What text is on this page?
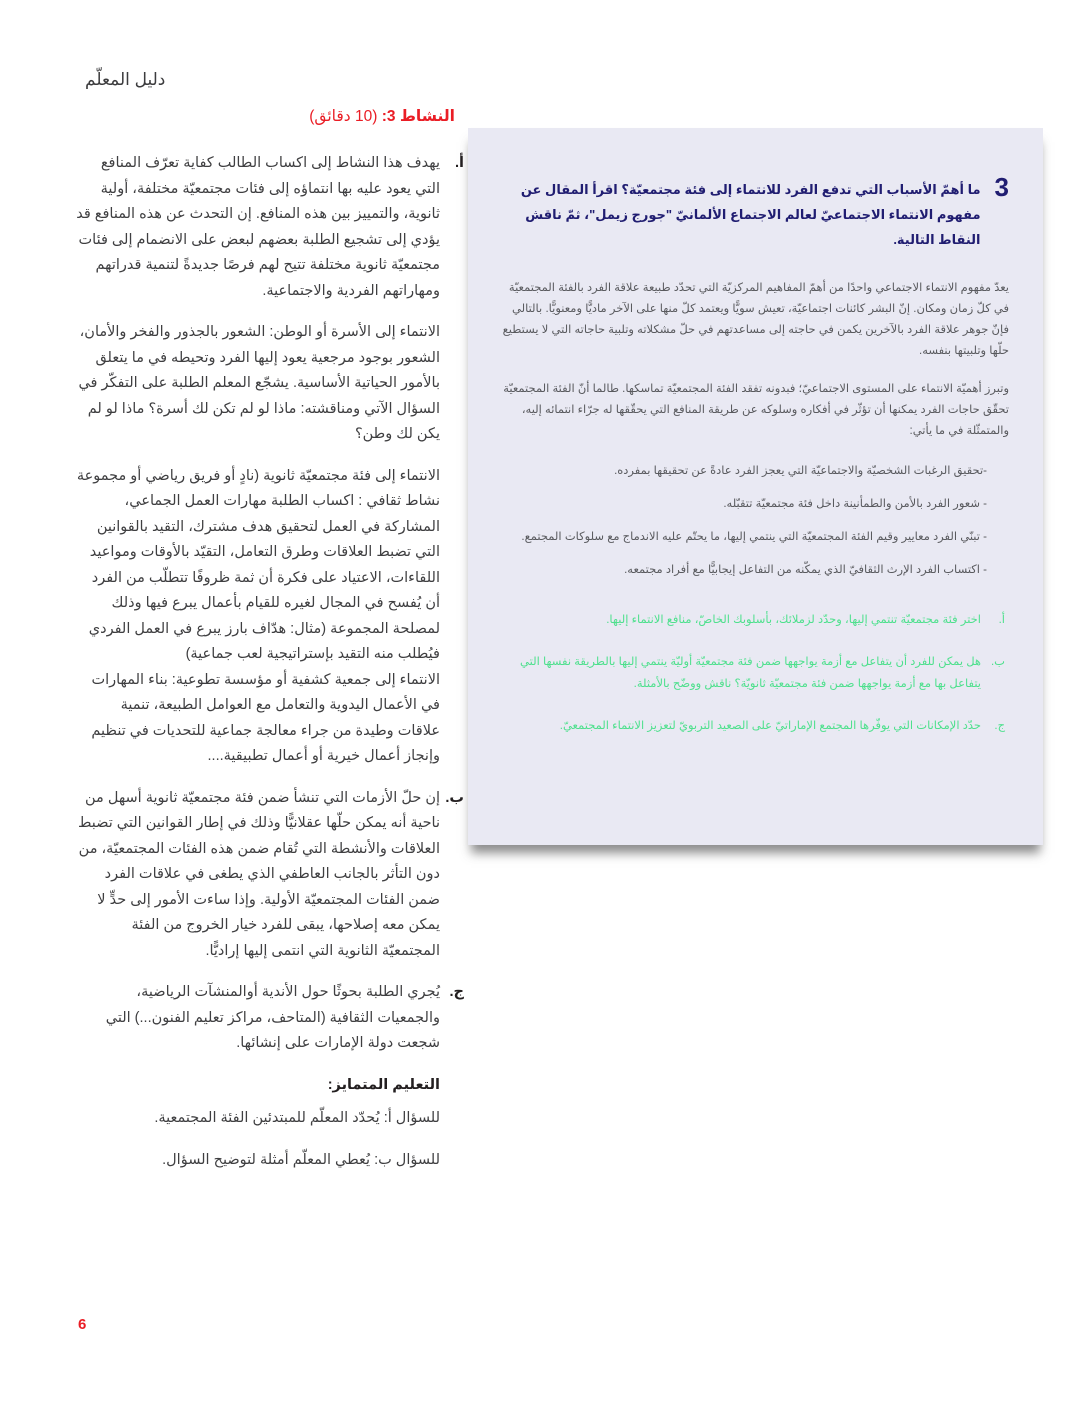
دليل المعلّم
النشاط 3: (10 دقائق)

أ.
يهدف هذا النشاط إلى اكساب الطالب كفاية تعرّف المنافع التي يعود عليه بها انتماؤه إلى فئات مجتمعيّة مختلفة، أولية ثانوية، والتمييز بين هذه المنافع. إن التحدث عن هذه المنافع قد يؤدي إلى تشجيع الطلبة بعضهم لبعض على الانضمام إلى فئات مجتمعيّة ثانوية مختلفة تتيح لهم فرصًا جديدةً لتنمية قدراتهم ومهاراتهم الفردية والاجتماعية.

الانتماء إلى الأسرة أو الوطن: الشعور بالجذور والفخر والأمان، الشعور بوجود مرجعية يعود إليها الفرد وتحيطه في ما يتعلق بالأمور الحياتية الأساسية. يشجّع المعلم الطلبة على التفكّر في السؤال الآتي ومناقشته: ماذا لو لم تكن لك أسرة؟ ماذا لو لم يكن لك وطن؟

الانتماء إلى فئة مجتمعيّة ثانوية (نادٍ أو فريق رياضي أو مجموعة نشاط ثقافي : اكساب الطلبة مهارات العمل الجماعي، المشاركة في العمل لتحقيق هدف مشترك، التقيد بالقوانين التي تضبط العلاقات وطرق التعامل، التقيّد بالأوقات ومواعيد اللقاءات، الاعتياد على فكرة أن ثمة ظروفًا تتطلّب من الفرد أن يُفسح في المجال لغيره للقيام بأعمال يبرع فيها وذلك لمصلحة المجموعة (مثال: هدّاف بارز يبرع في العمل الفردي فيُطلب منه التقيد بإستراتيجية لعب جماعية)
الانتماء إلى جمعية كشفية أو مؤسسة تطوعية: بناء المهارات في الأعمال اليدوية والتعامل مع العوامل الطبيعة، تنمية علاقات وطيدة من جراء معالجة جماعية للتحديات في تنظيم وإنجاز أعمال خيرية أو أعمال تطبيقية....

ب.
إن حلّ الأزمات التي تنشأ ضمن فئة مجتمعيّة ثانوية أسهل من ناحية أنه يمكن حلّها عقلانيًّا وذلك في إطار القوانين التي تضبط العلاقات والأنشطة التي تُقام ضمن هذه الفئات المجتمعيّة، من دون التأثر بالجانب العاطفي الذي يطغى في علاقات الفرد ضمن الفئات المجتمعيّة الأولية. وإذا ساءت الأمور إلى حدٍّ لا يمكن معه إصلاحها، يبقى للفرد خيار الخروج من الفئة المجتمعيّة الثانوية التي انتمى إليها إراديًّا.

ج.
يُجري الطلبة بحوثًا حول الأندية أوالمنشآت الرياضية، والجمعيات الثقافية (المتاحف، مراكز تعليم الفنون...) التي شجعت دولة الإمارات على إنشائها.

التعليم المتمايز:

للسؤال أ: يُحدّد المعلّم للمبتدئين الفئة المجتمعية.

للسؤال ب: يُعطي المعلّم أمثلة لتوضيح السؤال.

3
ما أهمّ الأسباب التي تدفع الفرد للانتماء إلى فئة مجتمعيّة؟ اقرأ المقال عن مفهوم الانتماء الاجتماعيّ لعالم الاجتماع الألمانيّ "جورج زيمل"، ثمّ ناقش النقاط التالية.

يعدّ مفهوم الانتماء الاجتماعي واحدًا من أهمّ المفاهيم المركزيّة التي تحدّد طبيعة علاقة الفرد بالفئة المجتمعيّة في كلّ زمان ومكان. إنّ البشر كائنات اجتماعيّة، تعيش سويًّا ويعتمد كلّ منها على الآخر ماديًّا ومعنويًّا. بالتالي فإنّ جوهر علاقة الفرد بالآخرين يكمن في حاجته إلى مساعدتهم في حلّ مشكلاته وتلبية حاجاته التي لا يستطيع حلّها وتلبيتها بنفسه.

وتبرز أهميّة الانتماء على المستوى الاجتماعيّ؛ فبدونه تفقد الفئة المجتمعيّة تماسكها. طالما أنّ الفئة المجتمعيّة تحقّق حاجات الفرد يمكنها أن تؤثّر في أفكاره وسلوكه عن طريقة المنافع التي يحقّقها له جرّاء انتمائه إليه، والمتمثّلة في ما يأتي:

-تحقيق الرغبات الشخصيّة والاجتماعيّة التي يعجز الفرد عادةً عن تحقيقها بمفرده.

- شعور الفرد بالأمن والطمأنينة داخل فئة مجتمعيّة تتقبّله.

- تبنّي الفرد معايير وقيم الفئة المجتمعيّة التي ينتمي إليها، ما يحتّم عليه الاندماج مع سلوكات المجتمع.

- اكتساب الفرد الإرث الثقافيّ الذي يمكّنه من التفاعل إيجابيًّا مع أفراد مجتمعه.

أ.
اختر فئة مجتمعيّة تنتمي إليها، وحدّد لزملائك، بأسلوبك الخاصّ، منافع الانتماء إليها.
ب.
هل يمكن للفرد أن يتفاعل مع أزمة يواجهها ضمن فئة مجتمعيّة أوليّة ينتمي إليها بالطريقة نفسها التي يتفاعل بها مع أزمة يواجهها ضمن فئة مجتمعيّة ثانويّة؟ ناقش ووضّح بالأمثلة.
ج.
حدّد الإمكانات التي يوفّرها المجتمع الإماراتيّ على الصعيد التربويّ لتعزيز الانتماء المجتمعيّ.
6
